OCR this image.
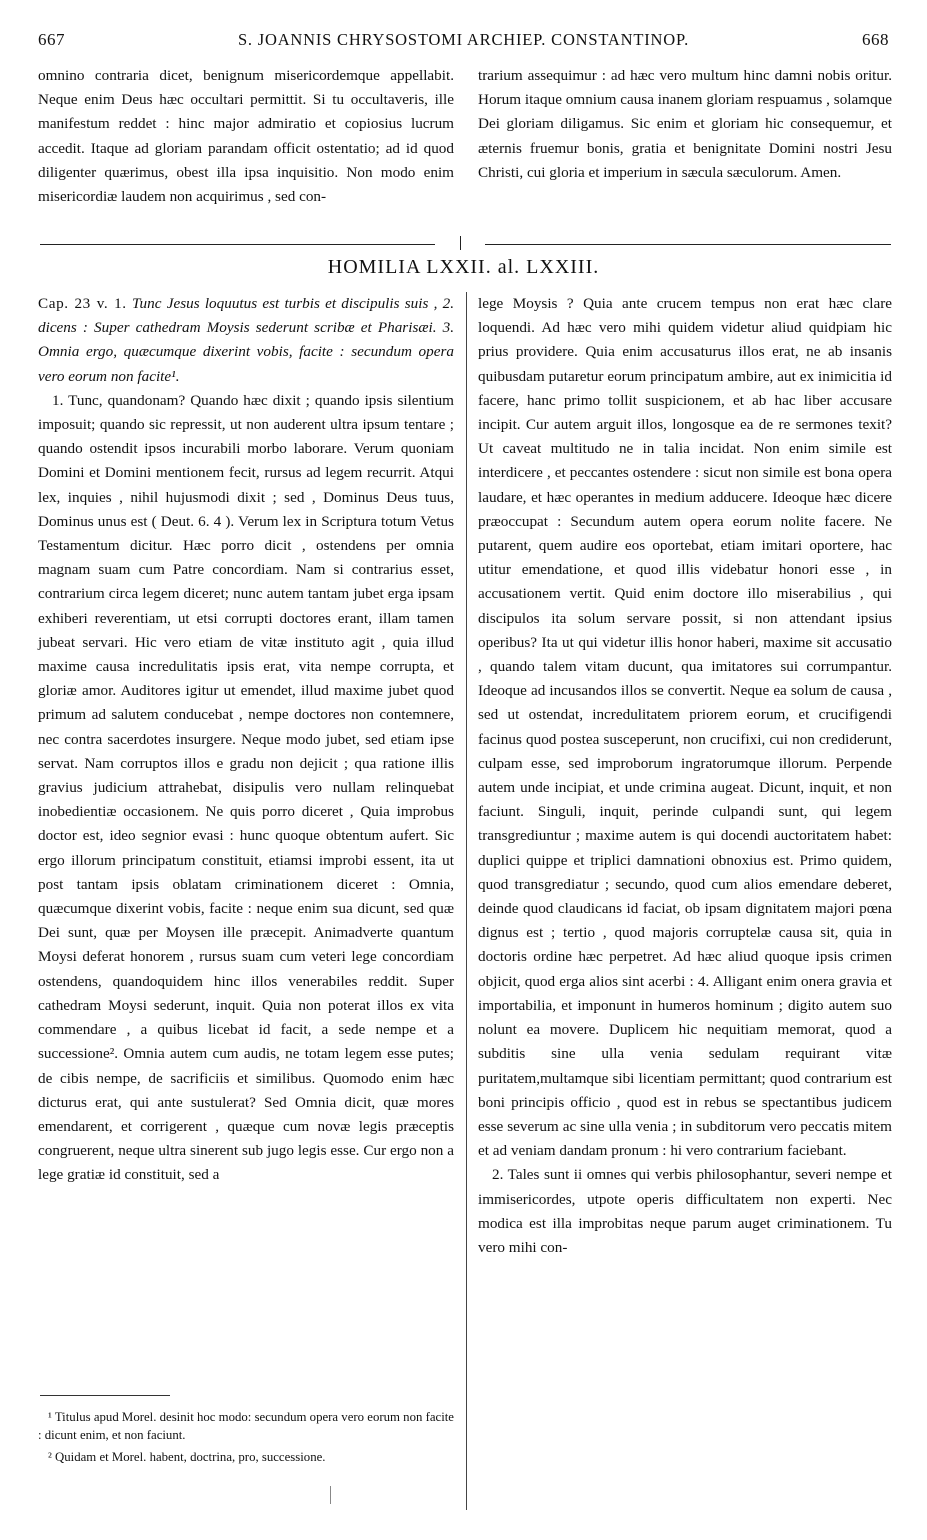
667	S. JOANNIS CHRYSOSTOMI ARCHIEP. CONSTANTINOP.	668

omnino contraria dicet, benignum misericordemque appellabit. Neque enim Deus hæc occultari permittit. Si tu occultaveris, ille manifestum reddet : hinc major admiratio et copiosius lucrum accedit. Itaque ad gloriam parandam officit ostentatio; ad id quod diligenter quærimus, obest illa ipsa inquisitio. Non modo enim misericordiæ laudem non acquirimus , sed con-

trarium assequimur : ad hæc vero multum hinc damni nobis oritur. Horum itaque omnium causa inanem gloriam respuamus , solamque Dei gloriam diligamus. Sic enim et gloriam hic consequemur, et æternis fruemur bonis, gratia et benignitate Domini nostri Jesu Christi, cui gloria et imperium in sæcula sæculorum. Amen.

HOMILIA LXXII. al. LXXIII.

Cap. 23 v. 1. Tunc Jesus loquutus est turbis et discipulis suis , 2. dicens : Super cathedram Moysis sederunt scribæ et Pharisæi. 3. Omnia ergo, quæcumque dixerint vobis, facite : secundum opera vero eorum non facite¹.

1. Tunc, quandonam? Quando hæc dixit ; quando ipsis silentium imposuit; quando sic repressit, ut non auderent ultra ipsum tentare ; quando ostendit ipsos incurabili morbo laborare. Verum quoniam Domini et Domini mentionem fecit, rursus ad legem recurrit. Atqui lex, inquies , nihil hujusmodi dixit ; sed , Dominus Deus tuus, Dominus unus est ( Deut. 6. 4 ). Verum lex in Scriptura totum Vetus Testamentum dicitur. Hæc porro dicit , ostendens per omnia magnam suam cum Patre concordiam. Nam si contrarius esset, contrarium circa legem diceret; nunc autem tantam jubet erga ipsam exhiberi reverentiam, ut etsi corrupti doctores erant, illam tamen jubeat servari. Hic vero etiam de vitæ instituto agit , quia illud maxime causa incredulitatis ipsis erat, vita nempe corrupta, et gloriæ amor. Auditores igitur ut emendet, illud maxime jubet quod primum ad salutem conducebat , nempe doctores non contemnere, nec contra sacerdotes insurgere. Neque modo jubet, sed etiam ipse servat. Nam corruptos illos e gradu non dejicit ; qua ratione illis gravius judicium attrahebat, disipulis vero nullam relinquebat inobedientiæ occasionem. Ne quis porro diceret , Quia improbus doctor est, ideo segnior evasi : hunc quoque obtentum aufert. Sic ergo illorum principatum constituit, etiamsi improbi essent, ita ut post tantam ipsis oblatam criminationem diceret : Omnia, quæcumque dixerint vobis, facite : neque enim sua dicunt, sed quæ Dei sunt, quæ per Moysen ille præcepit. Animadverte quantum Moysi deferat honorem , rursus suam cum veteri lege concordiam ostendens, quandoquidem hinc illos venerabiles reddit. Super cathedram Moysi sederunt, inquit. Quia non poterat illos ex vita commendare , a quibus licebat id facit, a sede nempe et a successione². Omnia autem cum audis, ne totam legem esse putes; de cibis nempe, de sacrificiis et similibus. Quomodo enim hæc dicturus erat, qui ante sustulerat? Sed Omnia dicit, quæ mores emendarent, et corrigerent , quæque cum novæ legis præceptis congruerent, neque ultra sinerent sub jugo legis esse. Cur ergo non a lege gratiæ id constituit, sed a

lege Moysis ? Quia ante crucem tempus non erat hæc clare loquendi. Ad hæc vero mihi quidem videtur aliud quidpiam hic prius providere. Quia enim accusaturus illos erat, ne ab insanis quibusdam putaretur eorum principatum ambire, aut ex inimicitia id facere, hanc primo tollit suspicionem, et ab hac liber accusare incipit. Cur autem arguit illos, longosque ea de re sermones texit? Ut caveat multitudo ne in talia incidat. Non enim simile est interdicere , et peccantes ostendere : sicut non simile est bona opera laudare, et hæc operantes in medium adducere. Ideoque hæc dicere præoccupat : Secundum autem opera eorum nolite facere. Ne putarent, quem audire eos oportebat, etiam imitari oportere, hac utitur emendatione, et quod illis videbatur honori esse , in accusationem vertit. Quid enim doctore illo miserabilius , qui discipulos ita solum servare possit, si non attendant ipsius operibus? Ita ut qui videtur illis honor haberi, maxime sit accusatio , quando talem vitam ducunt, qua imitatores sui corrumpantur. Ideoque ad incusandos illos se convertit. Neque ea solum de causa , sed ut ostendat, incredulitatem priorem eorum, et crucifigendi facinus quod postea susceperunt, non crucifixi, cui non crediderunt, culpam esse, sed improborum ingratorumque illorum. Perpende autem unde incipiat, et unde crimina augeat. Dicunt, inquit, et non faciunt. Singuli, inquit, perinde culpandi sunt, qui legem transgrediuntur ; maxime autem is qui docendi auctoritatem habet: duplici quippe et triplici damnationi obnoxius est. Primo quidem, quod transgrediatur ; secundo, quod cum alios emendare deberet, deinde quod claudicans id faciat, ob ipsam dignitatem majori pœna dignus est ; tertio , quod majoris corruptelæ causa sit, quia in doctoris ordine hæc perpetret. Ad hæc aliud quoque ipsis crimen objicit, quod erga alios sint acerbi : 4. Alligant enim onera gravia et importabilia, et imponunt in humeros hominum ; digito autem suo nolunt ea movere. Duplicem hic nequitiam memorat, quod a subditis sine ulla venia sedulam requirant vitæ puritatem,multamque sibi licentiam permittant; quod contrarium est boni principis officio , quod est in rebus se spectantibus judicem esse severum ac sine ulla venia ; in subditorum vero peccatis mitem et ad veniam dandam pronum : hi vero contrarium faciebant.

2. Tales sunt ii omnes qui verbis philosophantur, severi nempe et immisericordes, utpote operis difficultatem non experti. Nec modica est illa improbitas neque parum auget criminationem. Tu vero mihi con-

¹ Titulus apud Morel. desinit hoc modo: secundum opera vero eorum non facite : dicunt enim, et non faciunt.

² Quidam et Morel. habent, doctrina, pro, successione.
